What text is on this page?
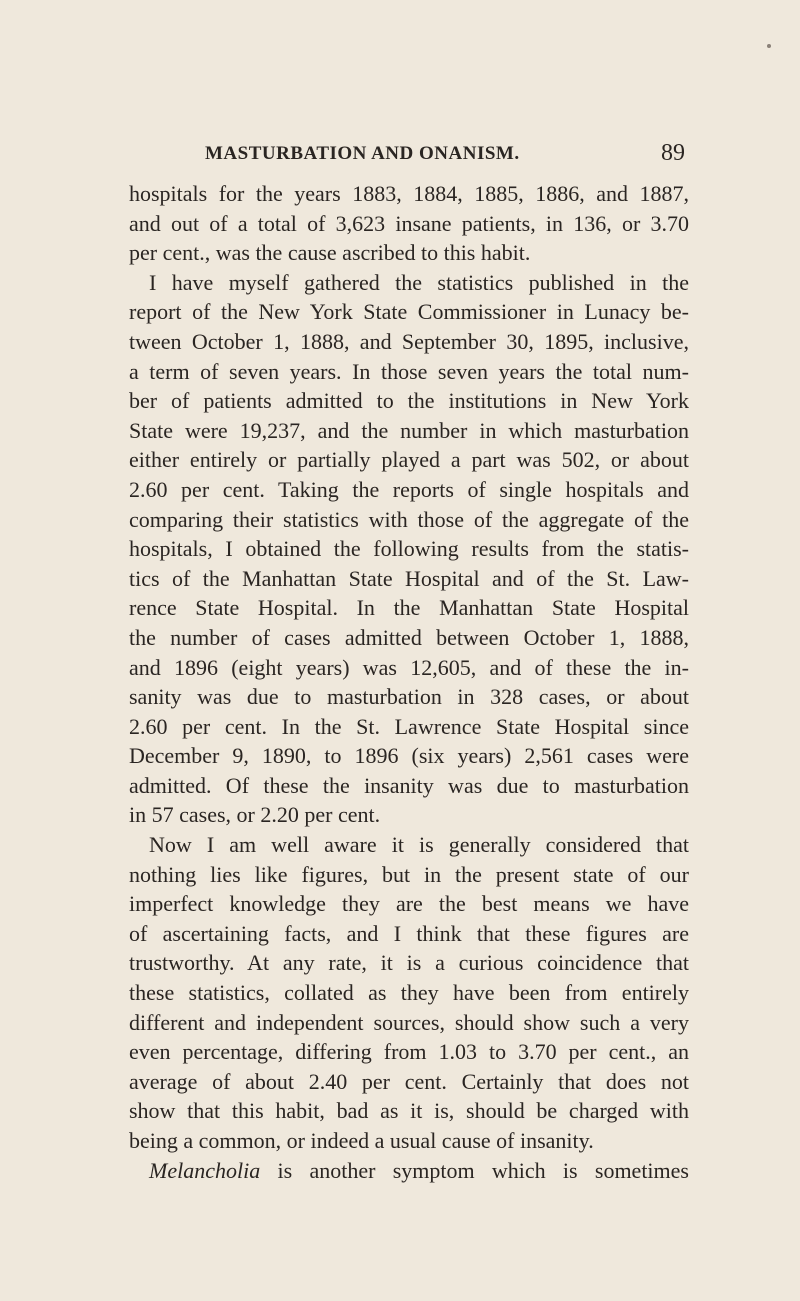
MASTURBATION AND ONANISM.	89
hospitals for the years 1883, 1884, 1885, 1886, and 1887,
and out of a total of 3,623 insane patients, in 136, or 3.70
per cent., was the cause ascribed to this habit.
I have myself gathered the statistics published in the
report of the New York State Commissioner in Lunacy be-
tween October 1, 1888, and September 30, 1895, inclusive,
a term of seven years. In those seven years the total num-
ber of patients admitted to the institutions in New York
State were 19,237, and the number in which masturbation
either entirely or partially played a part was 502, or about
2.60 per cent. Taking the reports of single hospitals and
comparing their statistics with those of the aggregate of the
hospitals, I obtained the following results from the statis-
tics of the Manhattan State Hospital and of the St. Law-
rence State Hospital. In the Manhattan State Hospital
the number of cases admitted between October 1, 1888,
and 1896 (eight years) was 12,605, and of these the in-
sanity was due to masturbation in 328 cases, or about
2.60 per cent. In the St. Lawrence State Hospital since
December 9, 1890, to 1896 (six years) 2,561 cases were
admitted. Of these the insanity was due to masturbation
in 57 cases, or 2.20 per cent.
Now I am well aware it is generally considered that
nothing lies like figures, but in the present state of our
imperfect knowledge they are the best means we have
of ascertaining facts, and I think that these figures are
trustworthy. At any rate, it is a curious coincidence that
these statistics, collated as they have been from entirely
different and independent sources, should show such a very
even percentage, differing from 1.03 to 3.70 per cent., an
average of about 2.40 per cent. Certainly that does not
show that this habit, bad as it is, should be charged with
being a common, or indeed a usual cause of insanity.
Melancholia is another symptom which is sometimes
